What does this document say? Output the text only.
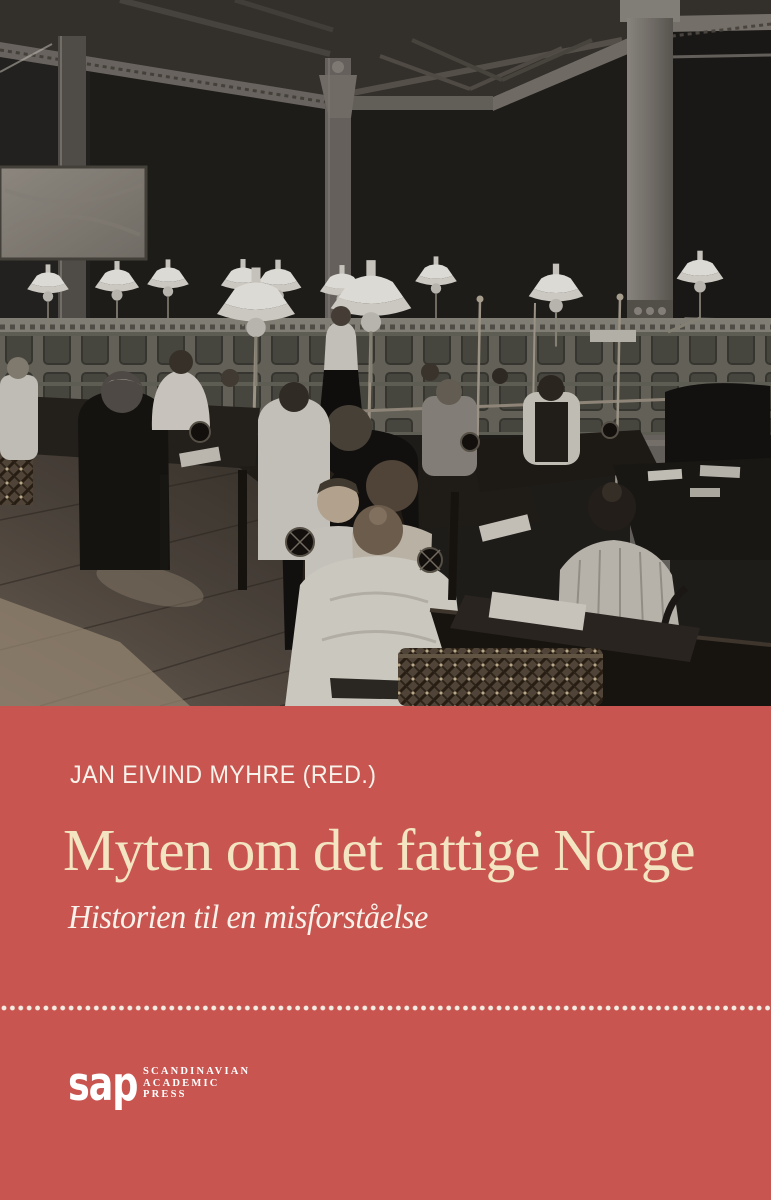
JAN EIVIND MYHRE (RED.)
Myten om det fattige Norge
Historien til en misforståelse
sap SCANDINAVIAN
ACADEMIC
PRESS
